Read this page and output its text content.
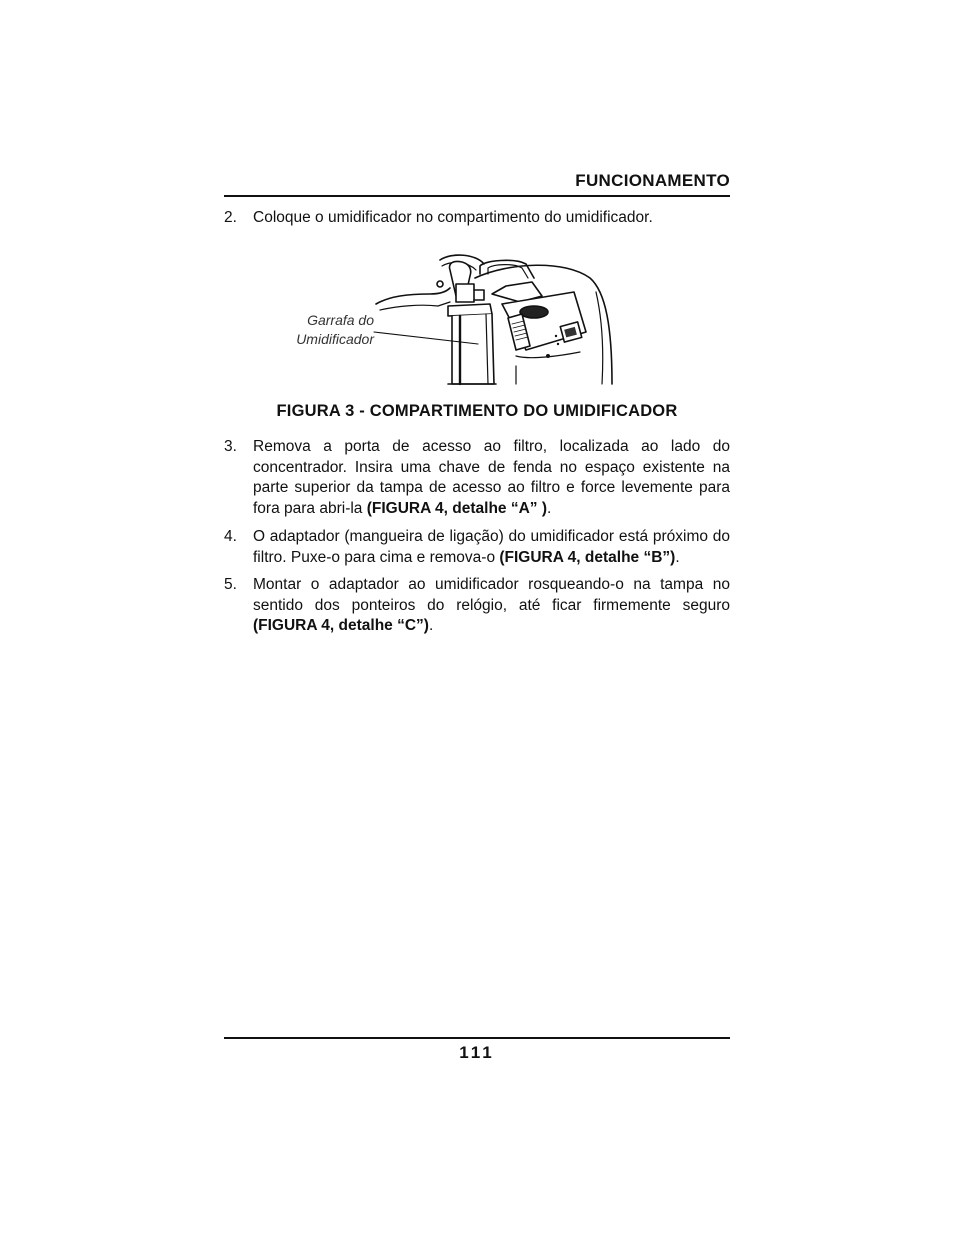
FUNCIONAMENTO
2. Coloque o umidificador no compartimento do umidificador.
Garrafa do
Umidificador
FIGURA 3 - COMPARTIMENTO DO UMIDIFICADOR
3. Remova a porta de acesso ao filtro, localizada ao lado do concentrador. Insira uma chave de fenda no espaço existente na parte superior da tampa de acesso ao filtro e force levemente para fora para abri-la (FIGURA 4, detalhe “A” ).
4. O adaptador (mangueira de ligação) do umidificador está próximo do filtro. Puxe-o para cima e remova-o (FIGURA 4, detalhe “B”).
5. Montar o adaptador ao umidificador rosqueando-o na tampa no sentido dos ponteiros do relógio, até ficar firmemente seguro (FIGURA 4, detalhe “C”).
111
